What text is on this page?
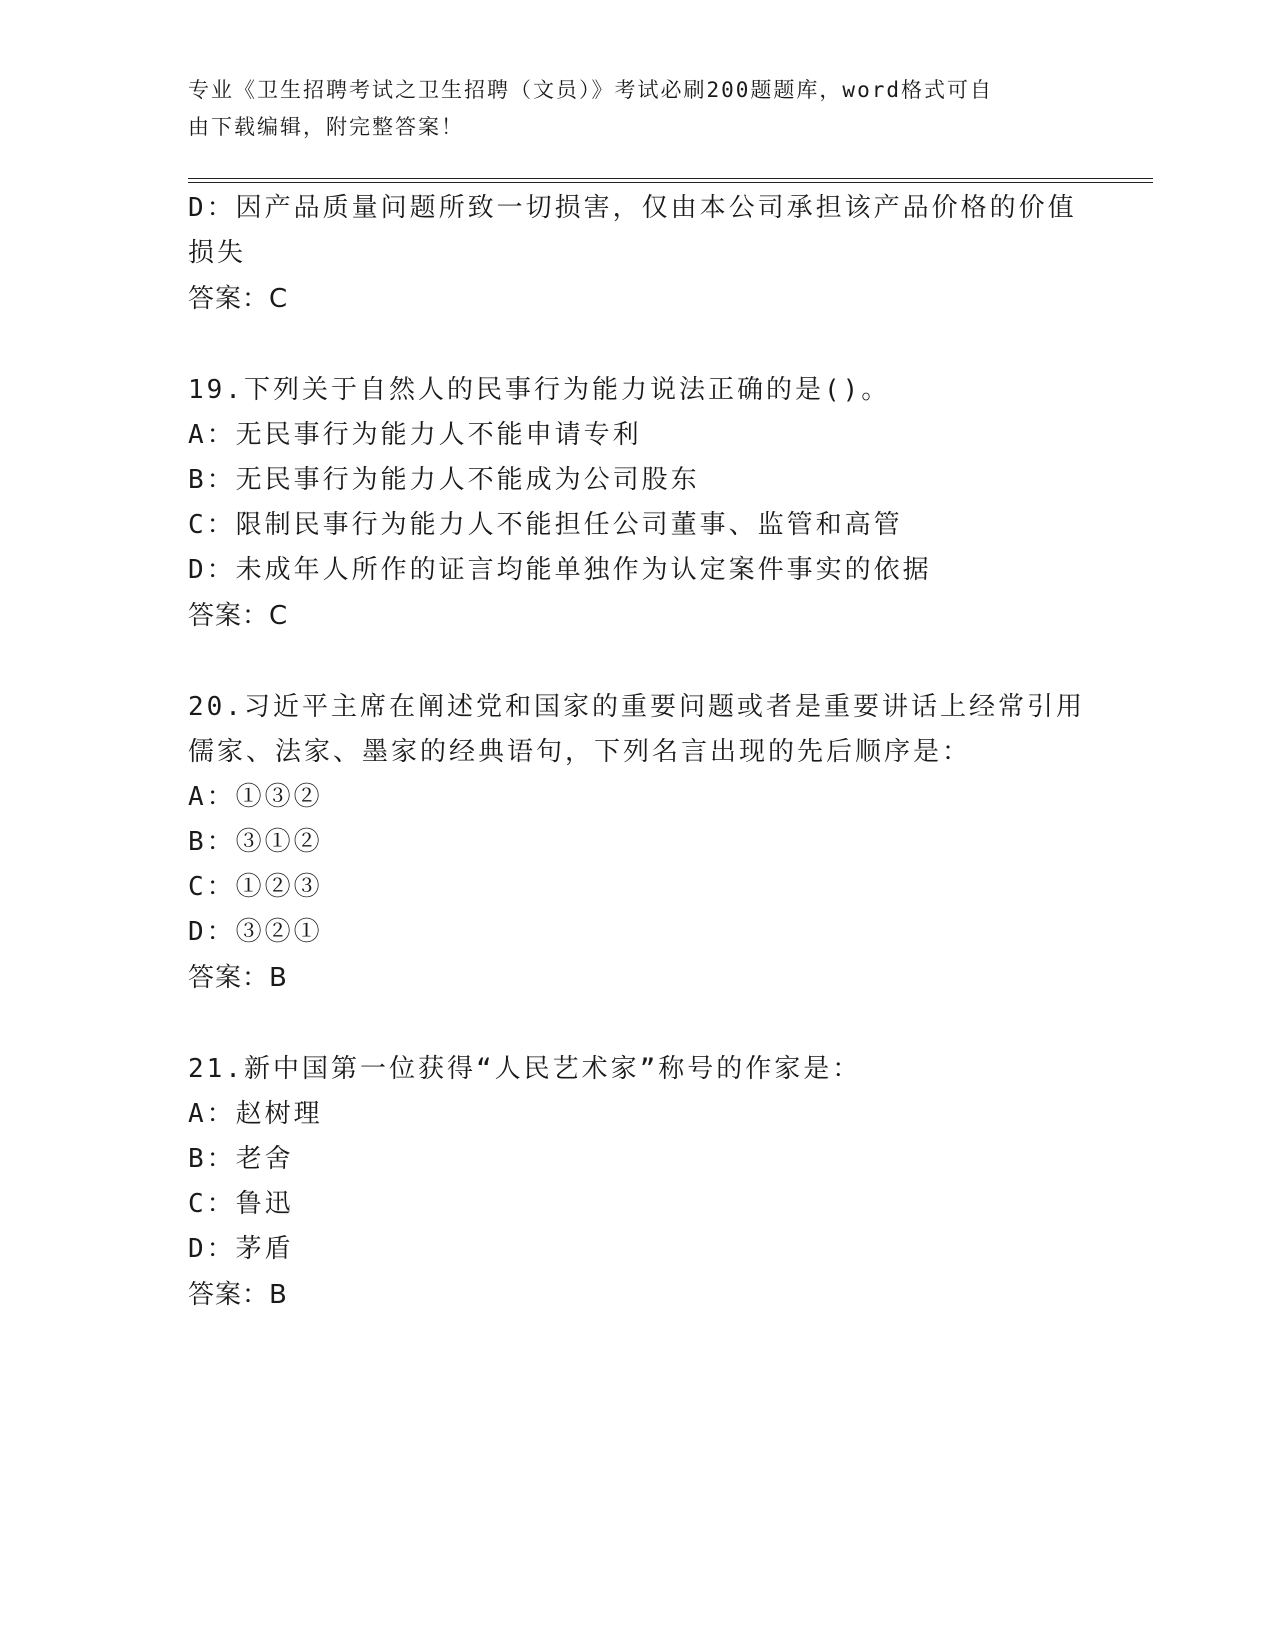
专业《卫生招聘考试之卫生招聘（文员）》考试必刷200题题库，word格式可自
由下载编辑，附完整答案！
D：因产品质量问题所致一切损害，仅由本公司承担该产品价格的价值
损失
答案：C
19.下列关于自然人的民事行为能力说法正确的是()。
A：无民事行为能力人不能申请专利
B：无民事行为能力人不能成为公司股东
C：限制民事行为能力人不能担任公司董事、监管和高管
D：未成年人所作的证言均能单独作为认定案件事实的依据
答案：C
20.习近平主席在阐述党和国家的重要问题或者是重要讲话上经常引用
儒家、法家、墨家的经典语句，下列名言出现的先后顺序是：
A：①③②
B：③①②
C：①②③
D：③②①
答案：B
21.新中国第一位获得“人民艺术家”称号的作家是：
A：赵树理
B：老舍
C：鲁迅
D：茅盾
答案：B
